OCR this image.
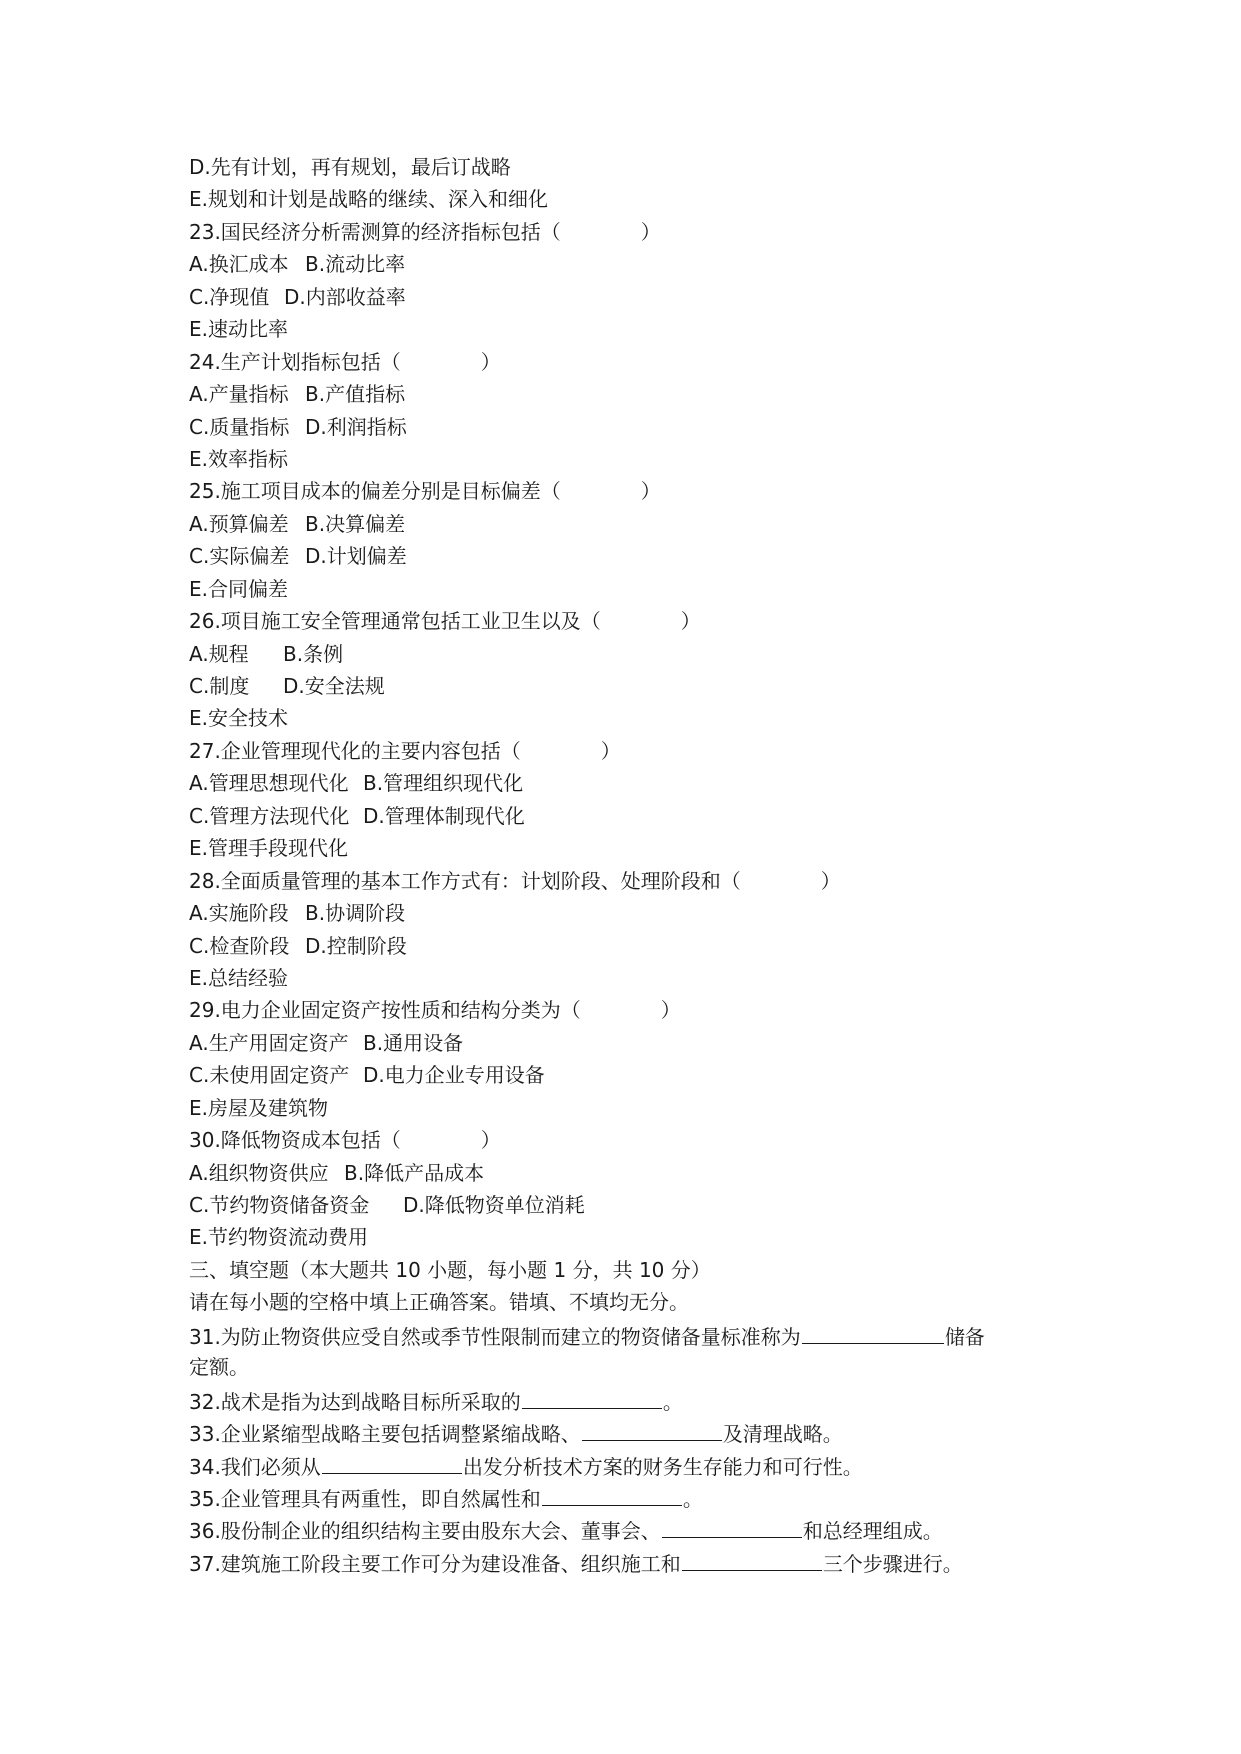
D.先有计划，再有规划，最后订战略
E.规划和计划是战略的继续、深入和细化
23.国民经济分析需测算的经济指标包括（　　　　）
A.换汇成本 B.流动比率
C.净现值 D.内部收益率
E.速动比率
24.生产计划指标包括（　　　　）
A.产量指标 B.产值指标
C.质量指标 D.利润指标
E.效率指标
25.施工项目成本的偏差分别是目标偏差（　　　　）
A.预算偏差 B.决算偏差
C.实际偏差 D.计划偏差
E.合同偏差
26.项目施工安全管理通常包括工业卫生以及（　　　　）
A.规程 B.条例
C.制度 D.安全法规
E.安全技术
27.企业管理现代化的主要内容包括（　　　　）
A.管理思想现代化 B.管理组织现代化
C.管理方法现代化 D.管理体制现代化
E.管理手段现代化
28.全面质量管理的基本工作方式有：计划阶段、处理阶段和（　　　　）
A.实施阶段 B.协调阶段
C.检查阶段 D.控制阶段
E.总结经验
29.电力企业固定资产按性质和结构分类为（　　　　）
A.生产用固定资产 B.通用设备
C.未使用固定资产 D.电力企业专用设备
E.房屋及建筑物
30.降低物资成本包括（　　　　）
A.组织物资供应 B.降低产品成本
C.节约物资储备资金 D.降低物资单位消耗
E.节约物资流动费用
三、填空题（本大题共 10 小题，每小题 1 分，共 10 分）
请在每小题的空格中填上正确答案。错填、不填均无分。
31.为防止物资供应受自然或季节性限制而建立的物资储备量标准称为	储备
定额。
32.战术是指为达到战略目标所采取的	。
33.企业紧缩型战略主要包括调整紧缩战略、	及清理战略。
34.我们必须从	出发分析技术方案的财务生存能力和可行性。
35.企业管理具有两重性，即自然属性和	。
36.股份制企业的组织结构主要由股东大会、董事会、	和总经理组成。
37.建筑施工阶段主要工作可分为建设准备、组织施工和	三个步骤进行。
